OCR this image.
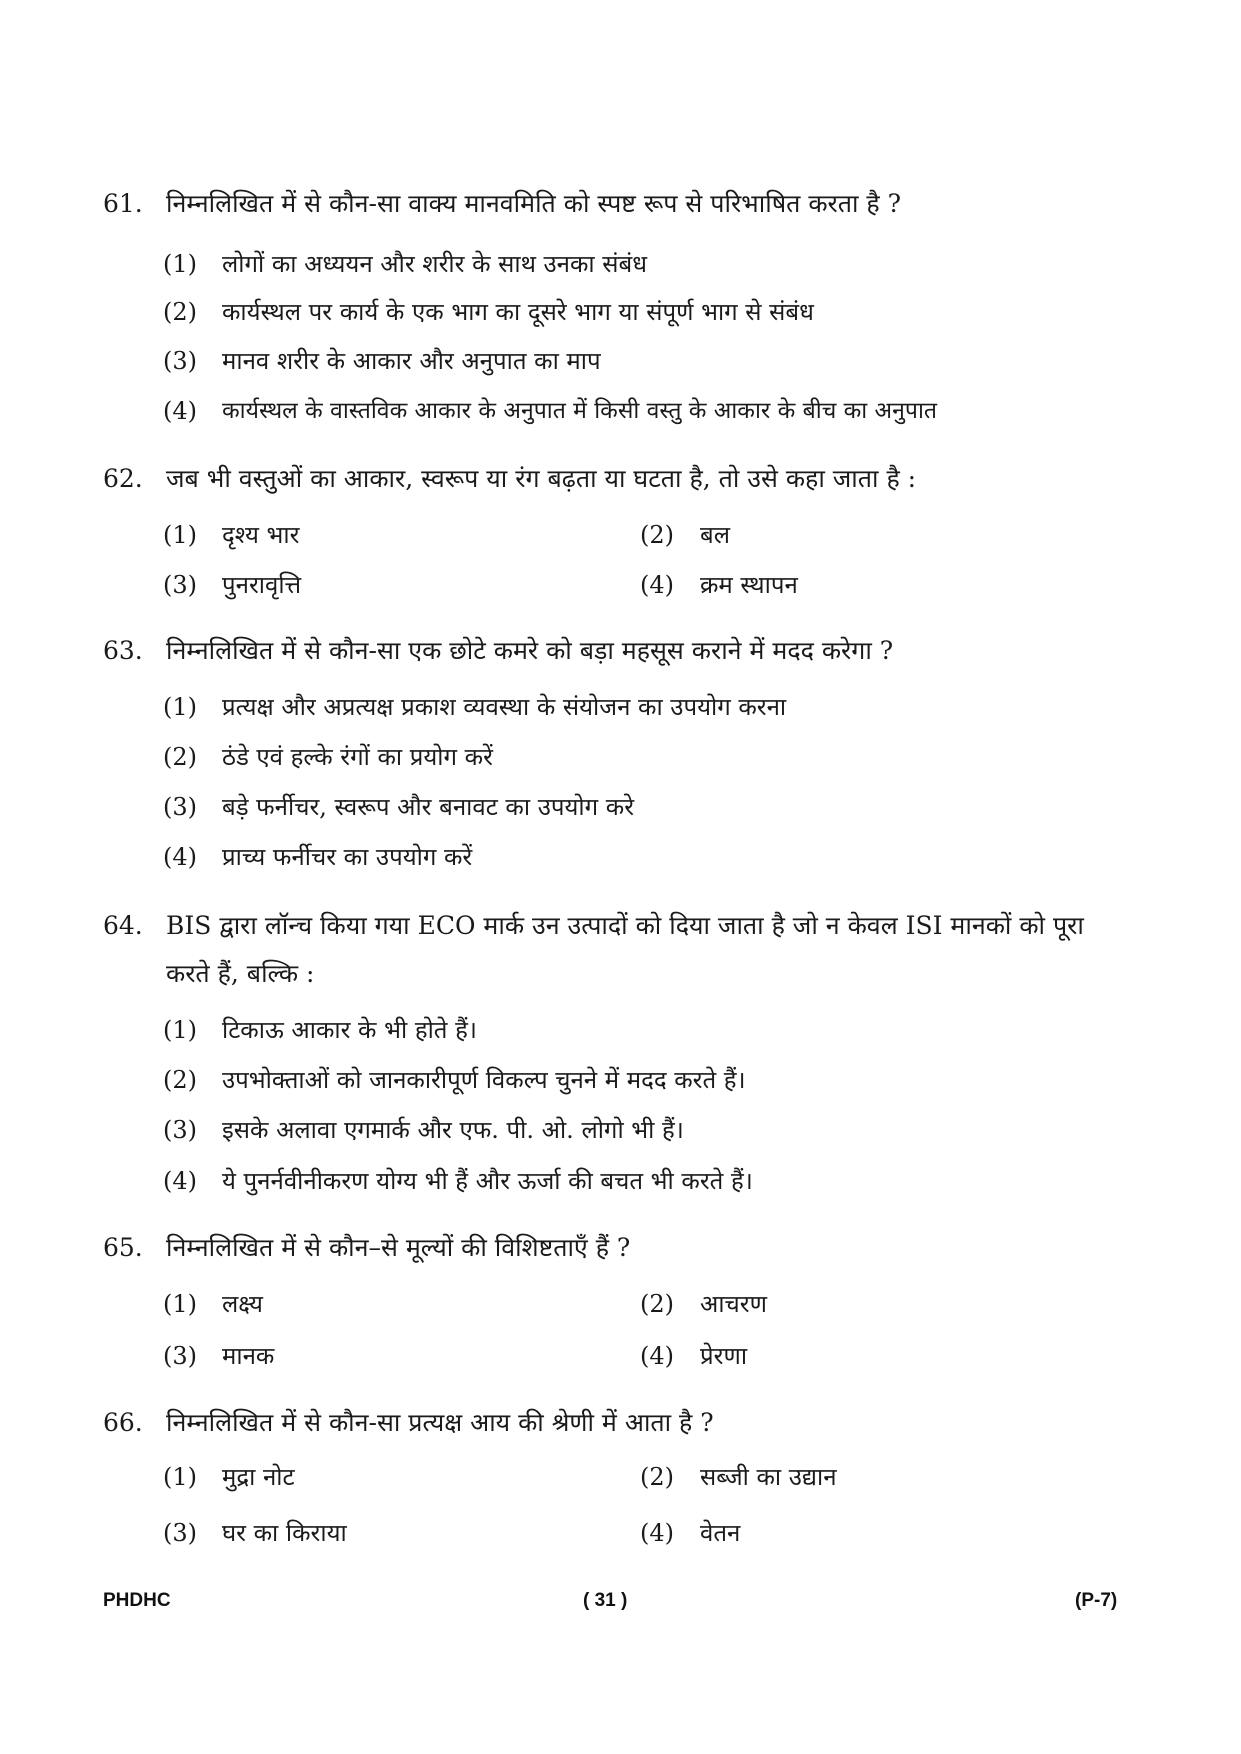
61. निम्नलिखित में से कौन-सा वाक्य मानवमिति को स्पष्ट रूप से परिभाषित करता है ?
(1) लोगों का अध्ययन और शरीर के साथ उनका संबंध
(2) कार्यस्थल पर कार्य के एक भाग का दूसरे भाग या संपूर्ण भाग से संबंध
(3) मानव शरीर के आकार और अनुपात का माप
(4) कार्यस्थल के वास्तविक आकार के अनुपात में किसी वस्तु के आकार के बीच का अनुपात
62. जब भी वस्तुओं का आकार, स्वरूप या रंग बढ़ता या घटता है, तो उसे कहा जाता है :
(1) दृश्य भार	(2) बल
(3) पुनरावृत्ति	(4) क्रम स्थापन
63. निम्नलिखित में से कौन-सा एक छोटे कमरे को बड़ा महसूस कराने में मदद करेगा ?
(1) प्रत्यक्ष और अप्रत्यक्ष प्रकाश व्यवस्था के संयोजन का उपयोग करना
(2) ठंडे एवं हल्के रंगों का प्रयोग करें
(3) बड़े फर्नीचर, स्वरूप और बनावट का उपयोग करे
(4) प्राच्य फर्नीचर का उपयोग करें
64. BIS द्वारा लॉन्च किया गया ECO मार्क उन उत्पादों को दिया जाता है जो न केवल ISI मानकों को पूरा करते हैं, बल्कि :
(1) टिकाऊ आकार के भी होते हैं।
(2) उपभोक्ताओं को जानकारीपूर्ण विकल्प चुनने में मदद करते हैं।
(3) इसके अलावा एगमार्क और एफ. पी. ओ. लोगो भी हैं।
(4) ये पुनर्नवीनीकरण योग्य भी हैं और ऊर्जा की बचत भी करते हैं।
65. निम्नलिखित में से कौन–से मूल्यों की विशिष्टताएँ हैं ?
(1) लक्ष्य	(2) आचरण
(3) मानक	(4) प्रेरणा
66. निम्नलिखित में से कौन-सा प्रत्यक्ष आय की श्रेणी में आता है ?
(1) मुद्रा नोट	(2) सब्जी का उद्यान
(3) घर का किराया	(4) वेतन
PHDHC	( 31 )	(P-7)
